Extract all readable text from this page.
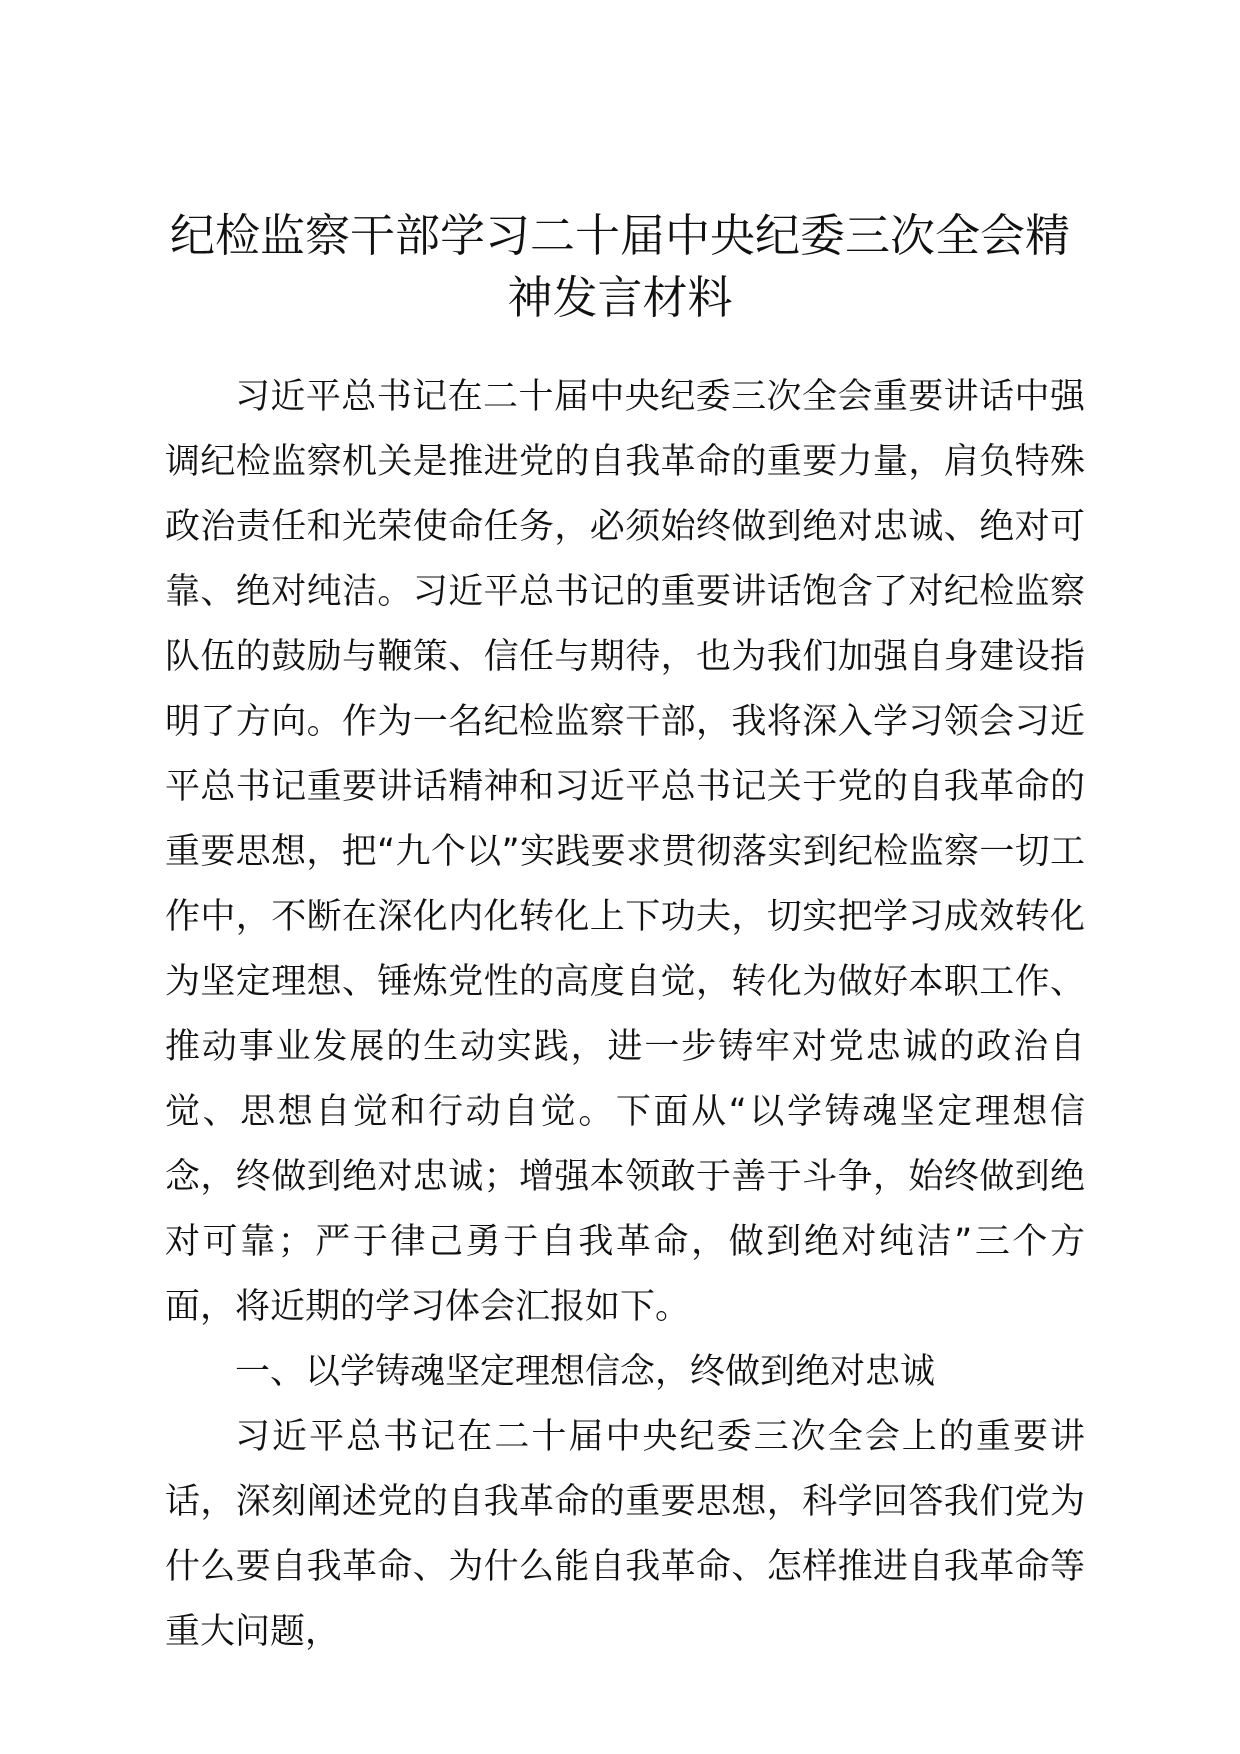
纪检监察干部学习二十届中央纪委三次全会精神发言材料

习近平总书记在二十届中央纪委三次全会重要讲话中强调纪检监察机关是推进党的自我革命的重要力量，肩负特殊政治责任和光荣使命任务，必须始终做到绝对忠诚、绝对可靠、绝对纯洁。习近平总书记的重要讲话饱含了对纪检监察队伍的鼓励与鞭策、信任与期待，也为我们加强自身建设指明了方向。作为一名纪检监察干部，我将深入学习领会习近平总书记重要讲话精神和习近平总书记关于党的自我革命的重要思想，把“九个以”实践要求贯彻落实到纪检监察一切工作中，不断在深化内化转化上下功夫，切实把学习成效转化为坚定理想、锤炼党性的高度自觉，转化为做好本职工作、推动事业发展的生动实践，进一步铸牢对党忠诚的政治自觉、思想自觉和行动自觉。下面从“以学铸魂坚定理想信念，终做到绝对忠诚；增强本领敢于善于斗争，始终做到绝对可靠；严于律己勇于自我革命，做到绝对纯洁”三个方面，将近期的学习体会汇报如下。

一、以学铸魂坚定理想信念，终做到绝对忠诚

习近平总书记在二十届中央纪委三次全会上的重要讲话，深刻阐述党的自我革命的重要思想，科学回答我们党为什么要自我革命、为什么能自我革命、怎样推进自我革命等重大问题，
